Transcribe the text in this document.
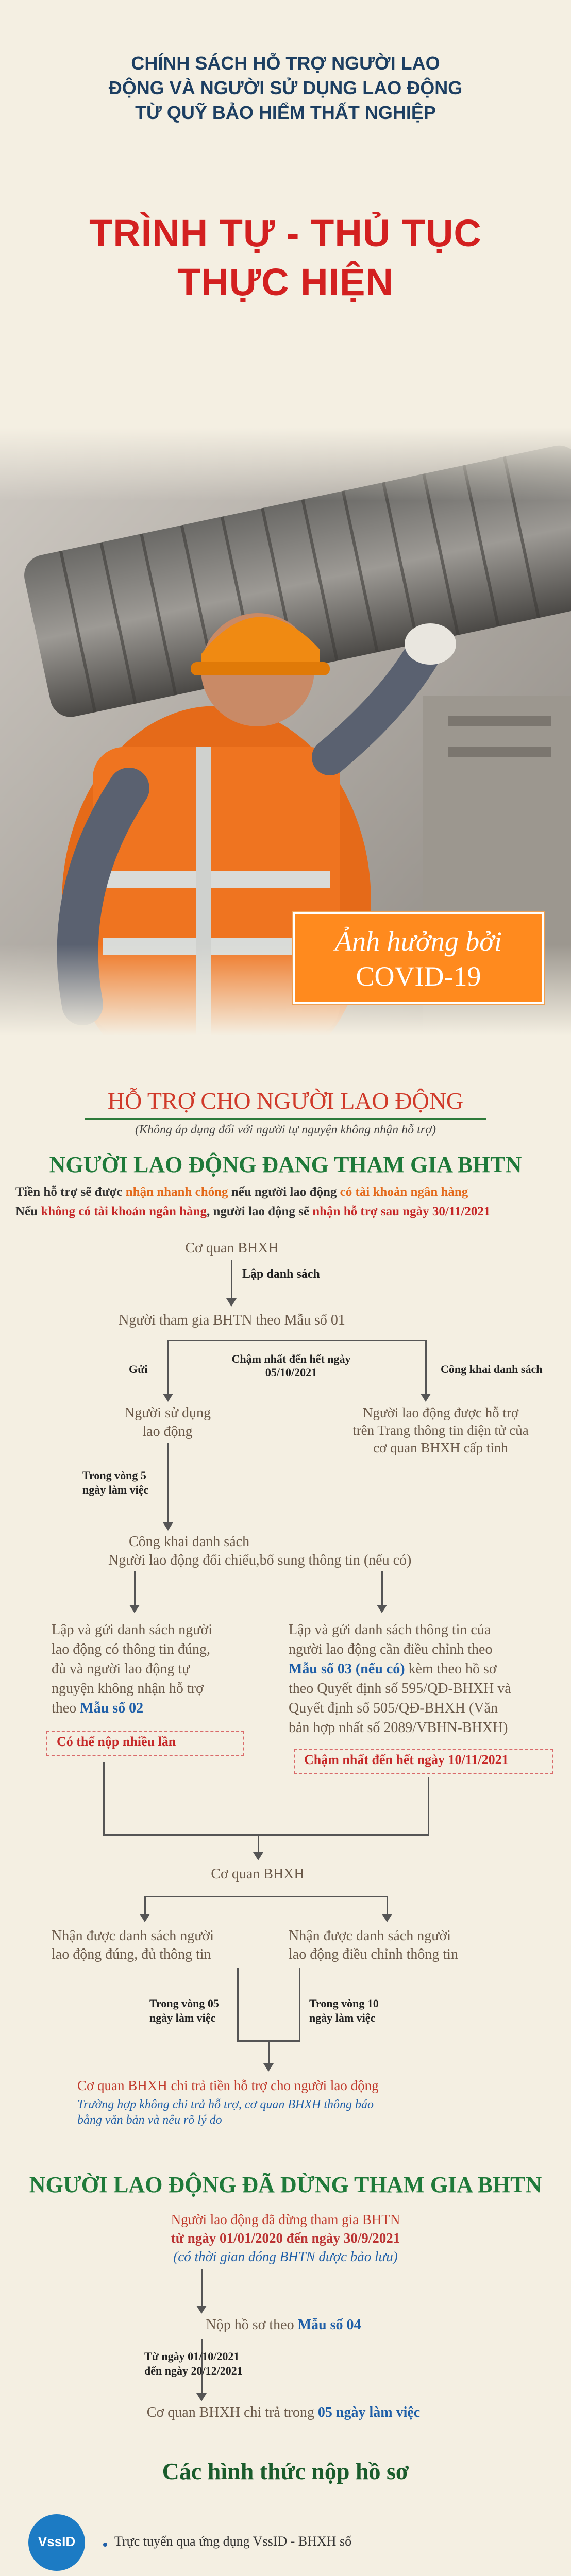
CHÍNH SÁCH HỖ TRỢ NGƯỜI LAO
ĐỘNG VÀ NGƯỜI SỬ DỤNG LAO ĐỘNG
TỪ QUỸ BẢO HIỂM THẤT NGHIỆP
TRÌNH TỰ - THỦ TỤC
THỰC HIỆN
Ảnh hưởng bởi
COVID-19
HỖ TRỢ CHO NGƯỜI LAO ĐỘNG
(Không áp dụng đối với người tự nguyện không nhận hỗ trợ)
NGƯỜI LAO ĐỘNG ĐANG THAM GIA BHTN
Tiền hỗ trợ sẽ được nhận nhanh chóng nếu người lao động có tài khoản ngân hàng
Nếu không có tài khoản ngân hàng, người lao động sẽ nhận hỗ trợ sau ngày 30/11/2021
Cơ quan BHXH
Lập danh sách
Người tham gia BHTN theo Mẫu số 01
Gửi
Chậm nhất đến hết ngày
05/10/2021	Công khai danh sách
Người sử dụng
lao động
Người lao động được hỗ trợ
trên Trang thông tin điện tử của
cơ quan BHXH cấp tỉnh
Trong vòng 5
ngày làm việc
Công khai danh sách
Người lao động đổi chiếu,bổ sung thông tin (nếu có)
Lập và gửi danh sách người
lao động có thông tin đúng,
đủ và người lao động tự
nguyện không nhận hỗ trợ
theo Mẫu số 02
Có thể nộp nhiều lần
Lập và gửi danh sách thông tin của
người lao động cần điều chỉnh theo
Mẫu số 03 (nếu có) kèm theo hồ sơ
theo Quyết định số 595/QĐ-BHXH và
Quyết định số 505/QĐ-BHXH (Văn
bản hợp nhất số 2089/VBHN-BHXH)
Chậm nhất đến hết ngày 10/11/2021
Cơ quan BHXH
Nhận được danh sách người
lao động đúng, đủ thông tin
Nhận được danh sách người
lao động điều chỉnh thông tin
Trong vòng 05
ngày làm việc
Trong vòng 10
ngày làm việc
Cơ quan BHXH chi trả tiền hỗ trợ cho người lao động
Trường hợp không chi trả hỗ trợ, cơ quan BHXH thông báo
bằng văn bản và nêu rõ lý do
NGƯỜI LAO ĐỘNG ĐÃ DỪNG THAM GIA BHTN
Người lao động đã dừng tham gia BHTN
từ ngày 01/01/2020 đến ngày 30/9/2021
(có thời gian đóng BHTN được bảo lưu)
Nộp hồ sơ theo Mẫu số 04
Từ ngày 01/10/2021
đến ngày 20/12/2021
Cơ quan BHXH chi trả trong 05 ngày làm việc
Các hình thức nộp hồ sơ
VssID	Trực tuyến qua ứng dụng VssID - BHXH số
